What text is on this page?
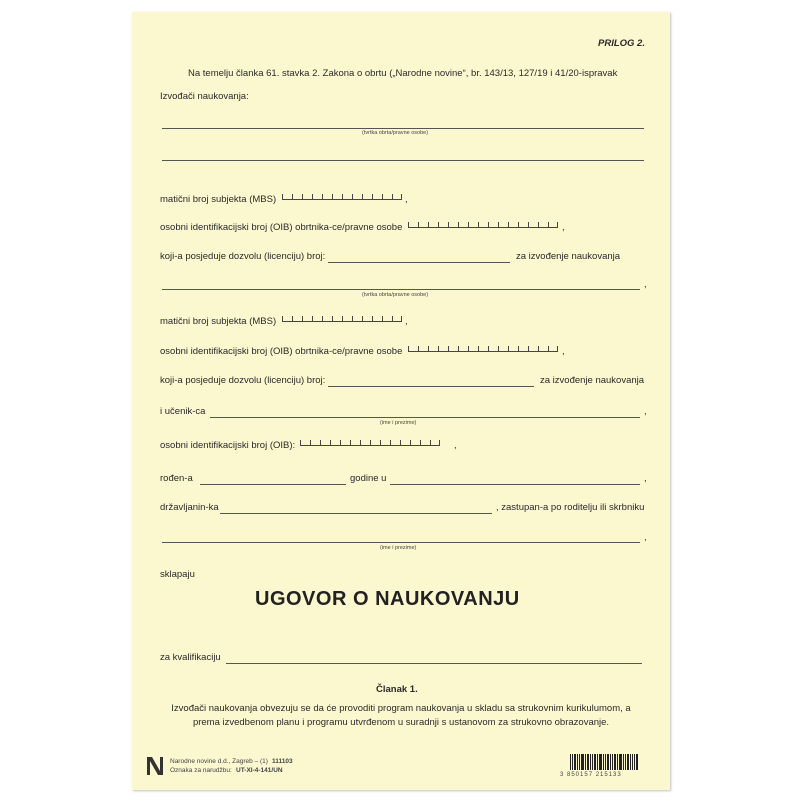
PRILOG 2.
Na temelju članka 61. stavka 2. Zakona o obrtu („Narodne novine“, br. 143/13, 127/19 i 41/20-ispravak
Izvođači naukovanja:
(tvrtka obrta/pravne osobe)
matični broj subjekta (MBS)	,
osobni identifikacijski broj (OIB) obrtnika-ce/pravne osobe	,
koji-a posjeduje dozvolu (licenciju) broj:	za izvođenje naukovanja
,
(tvrtka obrta/pravne osobe)
matični broj subjekta (MBS)	,
osobni identifikacijski broj (OIB) obrtnika-ce/pravne osobe	,
koji-a posjeduje dozvolu (licenciju) broj:	za izvođenje naukovanja
i učenik-ca	,
(ime i prezime)
osobni identifikacijski broj (OIB):	,
rođen-a	godine u	,
državljanin-ka	, zastupan-a po roditelju ili skrbniku
,
(ime i prezime)
sklapaju
UGOVOR O NAUKOVANJU
za kvalifikaciju
Članak 1.
Izvođači naukovanja obvezuju se da će provoditi program naukovanja u skladu sa strukovnim kurikulumom, a
prema izvedbenom planu i programu utvrđenom u suradnji s ustanovom za strukovno obrazovanje.
Narodne novine d.d., Zagreb – (1) 111103
Oznaka za narudžbu: UT-XI-4-141/UN
3 850157 215133
